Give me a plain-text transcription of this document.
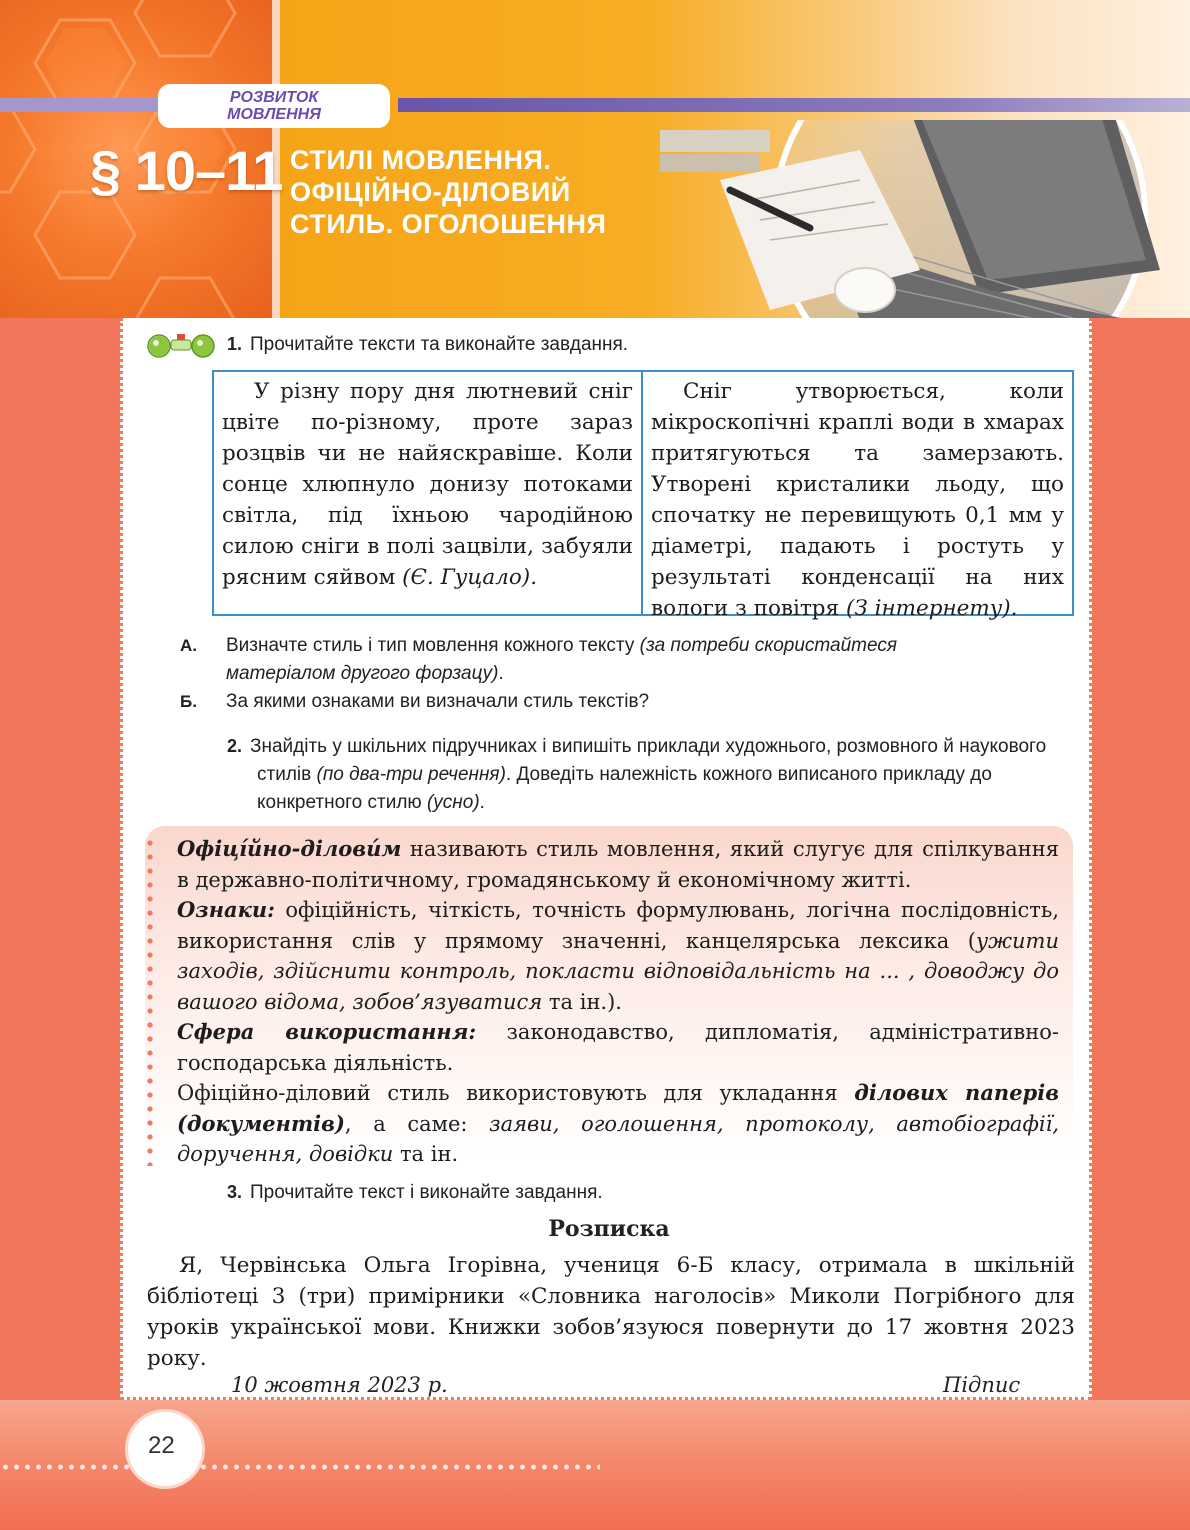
РОЗВИТОК
МОВЛЕННЯ
§ 10–11 СТИЛІ МОВЛЕННЯ.
ОФІЦІЙНО-ДІЛОВИЙ
СТИЛЬ. ОГОЛОШЕННЯ
22
1. Прочитайте тексти та виконайте завдання.
У різну пору дня лютневий сніг цвіте по-різному, проте зараз розцвів чи не найяскравіше. Коли сонце хлюпнуло донизу потоками світла, під їхньою чародійною силою сніги в полі зацвіли, забуяли рясним сяйвом (Є. Гуцало).
Сніг утворюється, коли мікроскопічні краплі води в хмарах притягуються та замерзають. Утворені кристалики льоду, що спочатку не перевищують 0,1 мм у діаметрі, падають і ростуть у результаті конденсації на них вологи з повітря (З інтернету).
А.	Визначте стиль і тип мовлення кожного тексту (за потреби скористайтеся матеріалом другого форзацу).
Б. За якими ознаками ви визначали стиль текстів?
2. Знайдіть у шкільних підручниках і випишіть приклади художнього, розмовного й наукового стилів (по два-три речення). Доведіть належність кожного виписаного прикладу до конкретного стилю (усно).
Офіці́йно-ділови́м називають стиль мовлення, який слугує для спілкування в державно-політичному, громадянському й економічному житті.
Ознаки: офіційність, чіткість, точність формулювань, логічна послідовність, використання слів у прямому значенні, канцелярська лексика (ужити заходів, здійснити контроль, покласти відповідальність на ... , доводжу до вашого відома, зобов’язуватися та ін.).
Сфера використання: законодавство, дипломатія, адміністративно-господарська діяльність.
Офіційно-діловий стиль використовують для укладання ділових паперів (документів), а саме: заяви, оголошення, протоколу, автобіографії, доручення, довідки та ін.
3. Прочитайте текст і виконайте завдання.
Розписка
Я, Червінська Ольга Ігорівна, учениця 6-Б класу, отримала в шкільній бібліотеці 3 (три) примірники «Словника наголосів» Миколи Погрібного для уроків української мови. Книжки зобов’язуюся повернути до 17 жовтня 2023 року.
10 жовтня 2023 р.	Підпис
